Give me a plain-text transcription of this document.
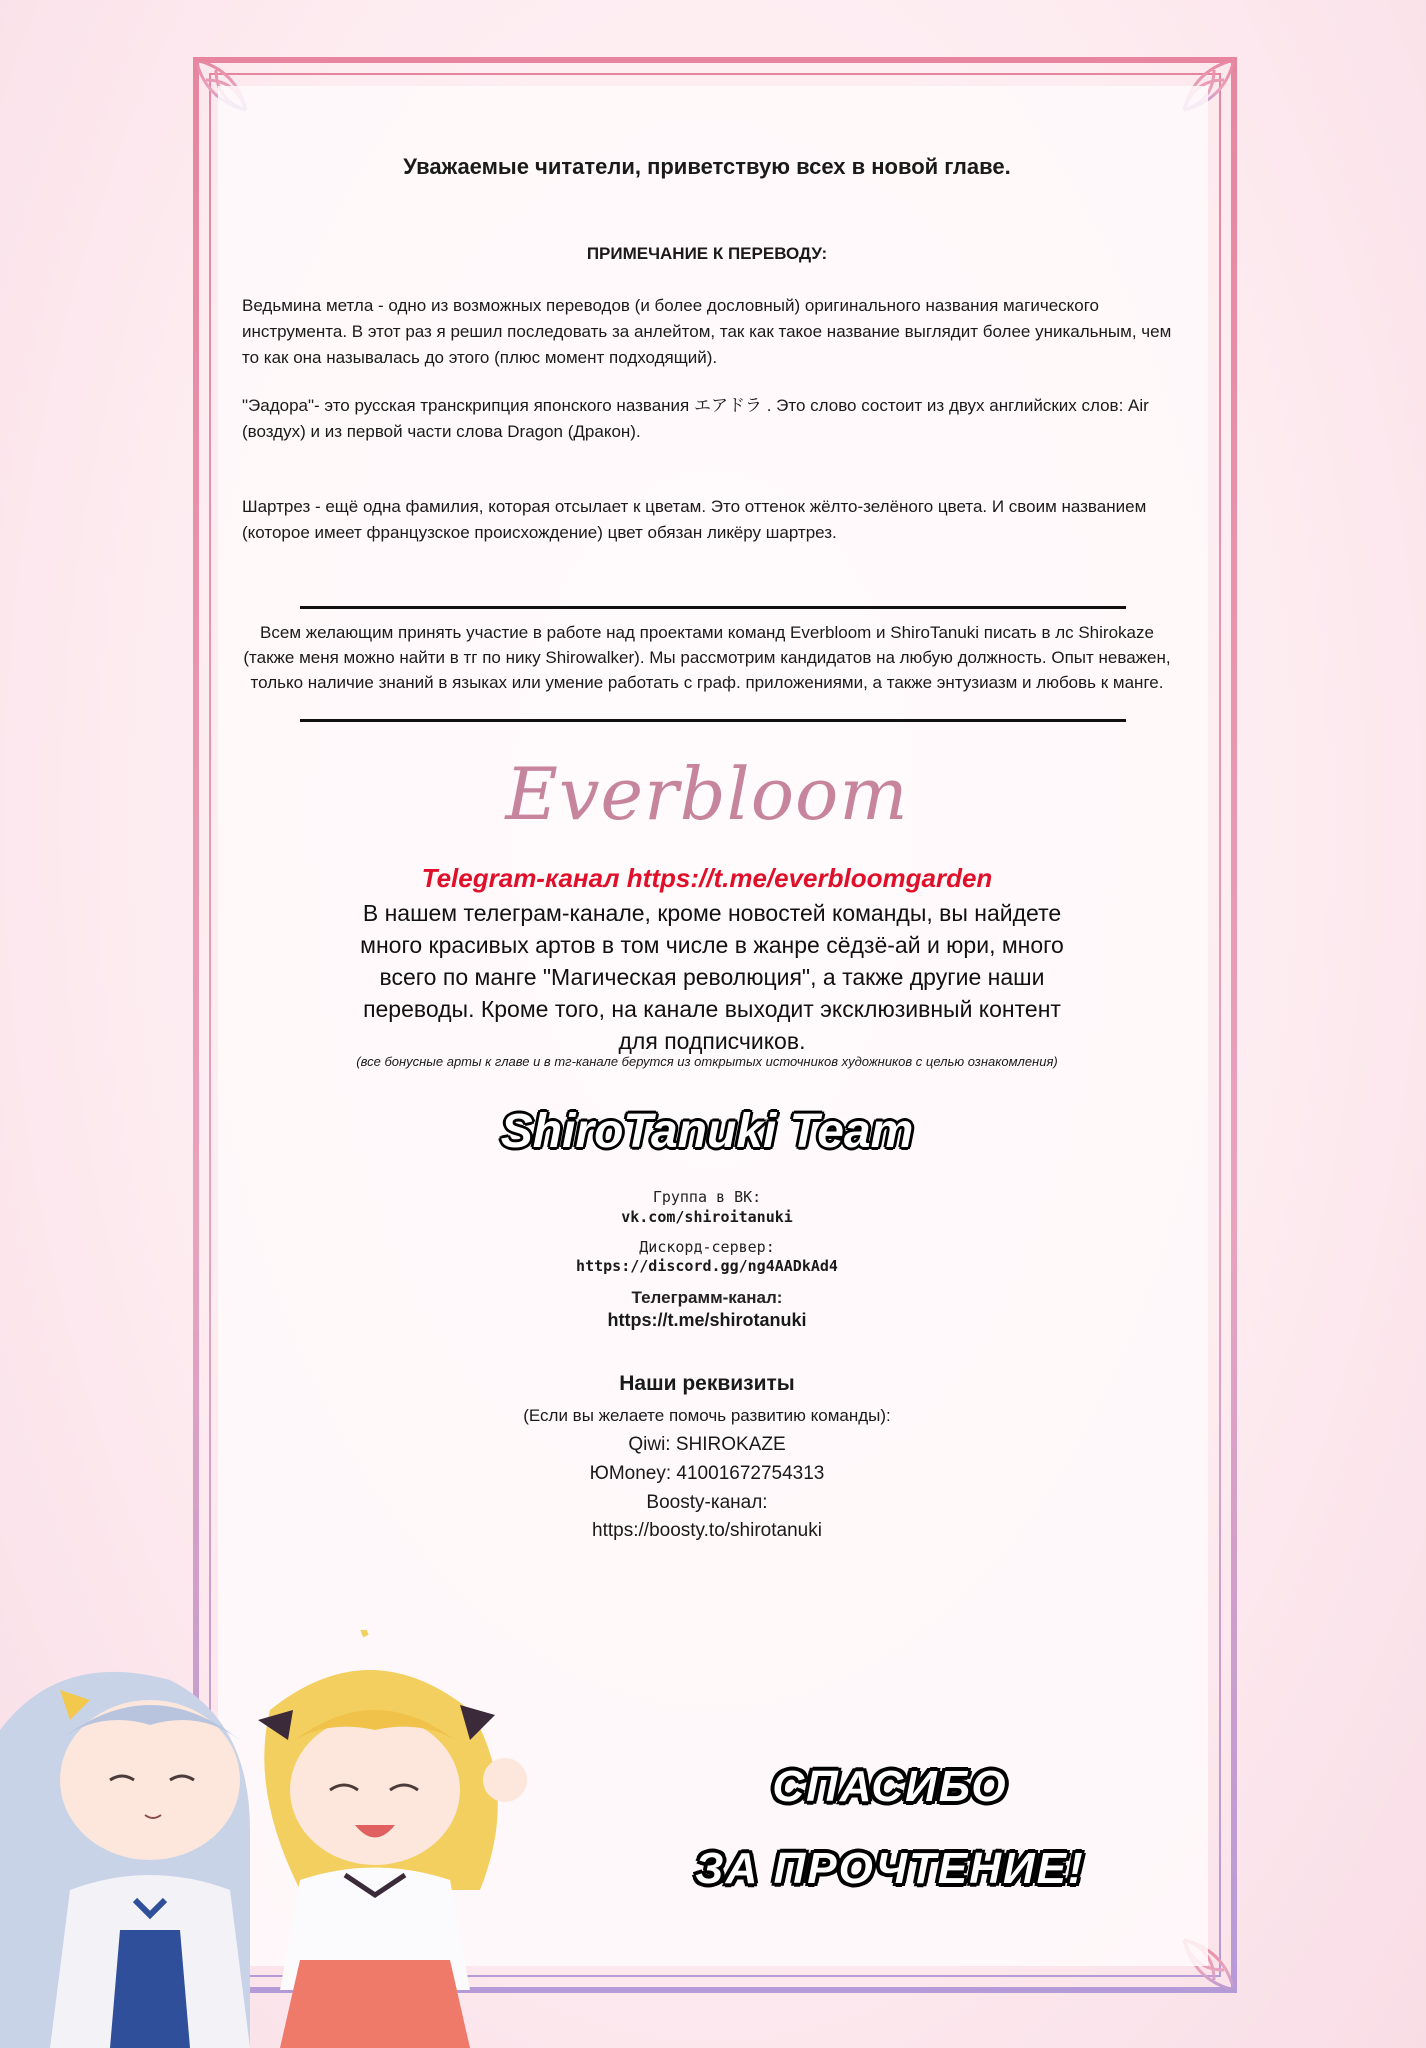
Уважаемые читатели, приветствую всех в новой главе.
ПРИМЕЧАНИЕ К ПЕРЕВОДУ:
Ведьмина метла - одно из возможных переводов (и более дословный) оригинального названия магического инструмента. В этот раз я решил последовать за анлейтом, так как такое название выглядит более уникальным, чем то как она называлась до этого (плюс момент подходящий).
"Эадора"- это русская транскрипция японского названия エアドラ . Это слово состоит из двух английских слов: Air (воздух) и из первой части слова Dragon (Дракон).
Шартрез - ещё одна фамилия, которая отсылает к цветам. Это оттенок жёлто-зелёного цвета. И своим названием (которое имеет французское происхождение) цвет обязан ликёру шартрез.
Всем желающим принять участие в работе над проектами команд Everbloom и ShiroTanuki писать в лс Shirokaze (также меня можно найти в тг по нику Shirowalker). Мы рассмотрим кандидатов на любую должность. Опыт неважен, только наличие знаний в языках или умение работать с граф. приложениями, а также энтузиазм и любовь к манге.
Everbloom
Telegram-канал https://t.me/everbloomgarden
В нашем телеграм-канале, кроме новостей команды, вы найдете много красивых артов в том числе в жанре сёдзё-ай и юри, много всего по манге "Магическая революция", а также другие наши переводы. Кроме того, на канале выходит эксклюзивный контент для подписчиков.
(все бонусные арты к главе и в тг-канале берутся из открытых источников художников с целью ознакомления)
ShiroTanuki Team
Группа в ВК:
vk.com/shiroitanuki
Дискорд-сервер:
https://discord.gg/ng4AADkAd4
Телеграмм-канал:
https://t.me/shirotanuki
Наши реквизиты
(Если вы желаете помочь развитию команды):
Qiwi: SHIROKAZE
ЮMoney: 41001672754313
Boosty-канал:
https://boosty.to/shirotanuki
СПАСИБО
ЗА ПРОЧТЕНИЕ!
